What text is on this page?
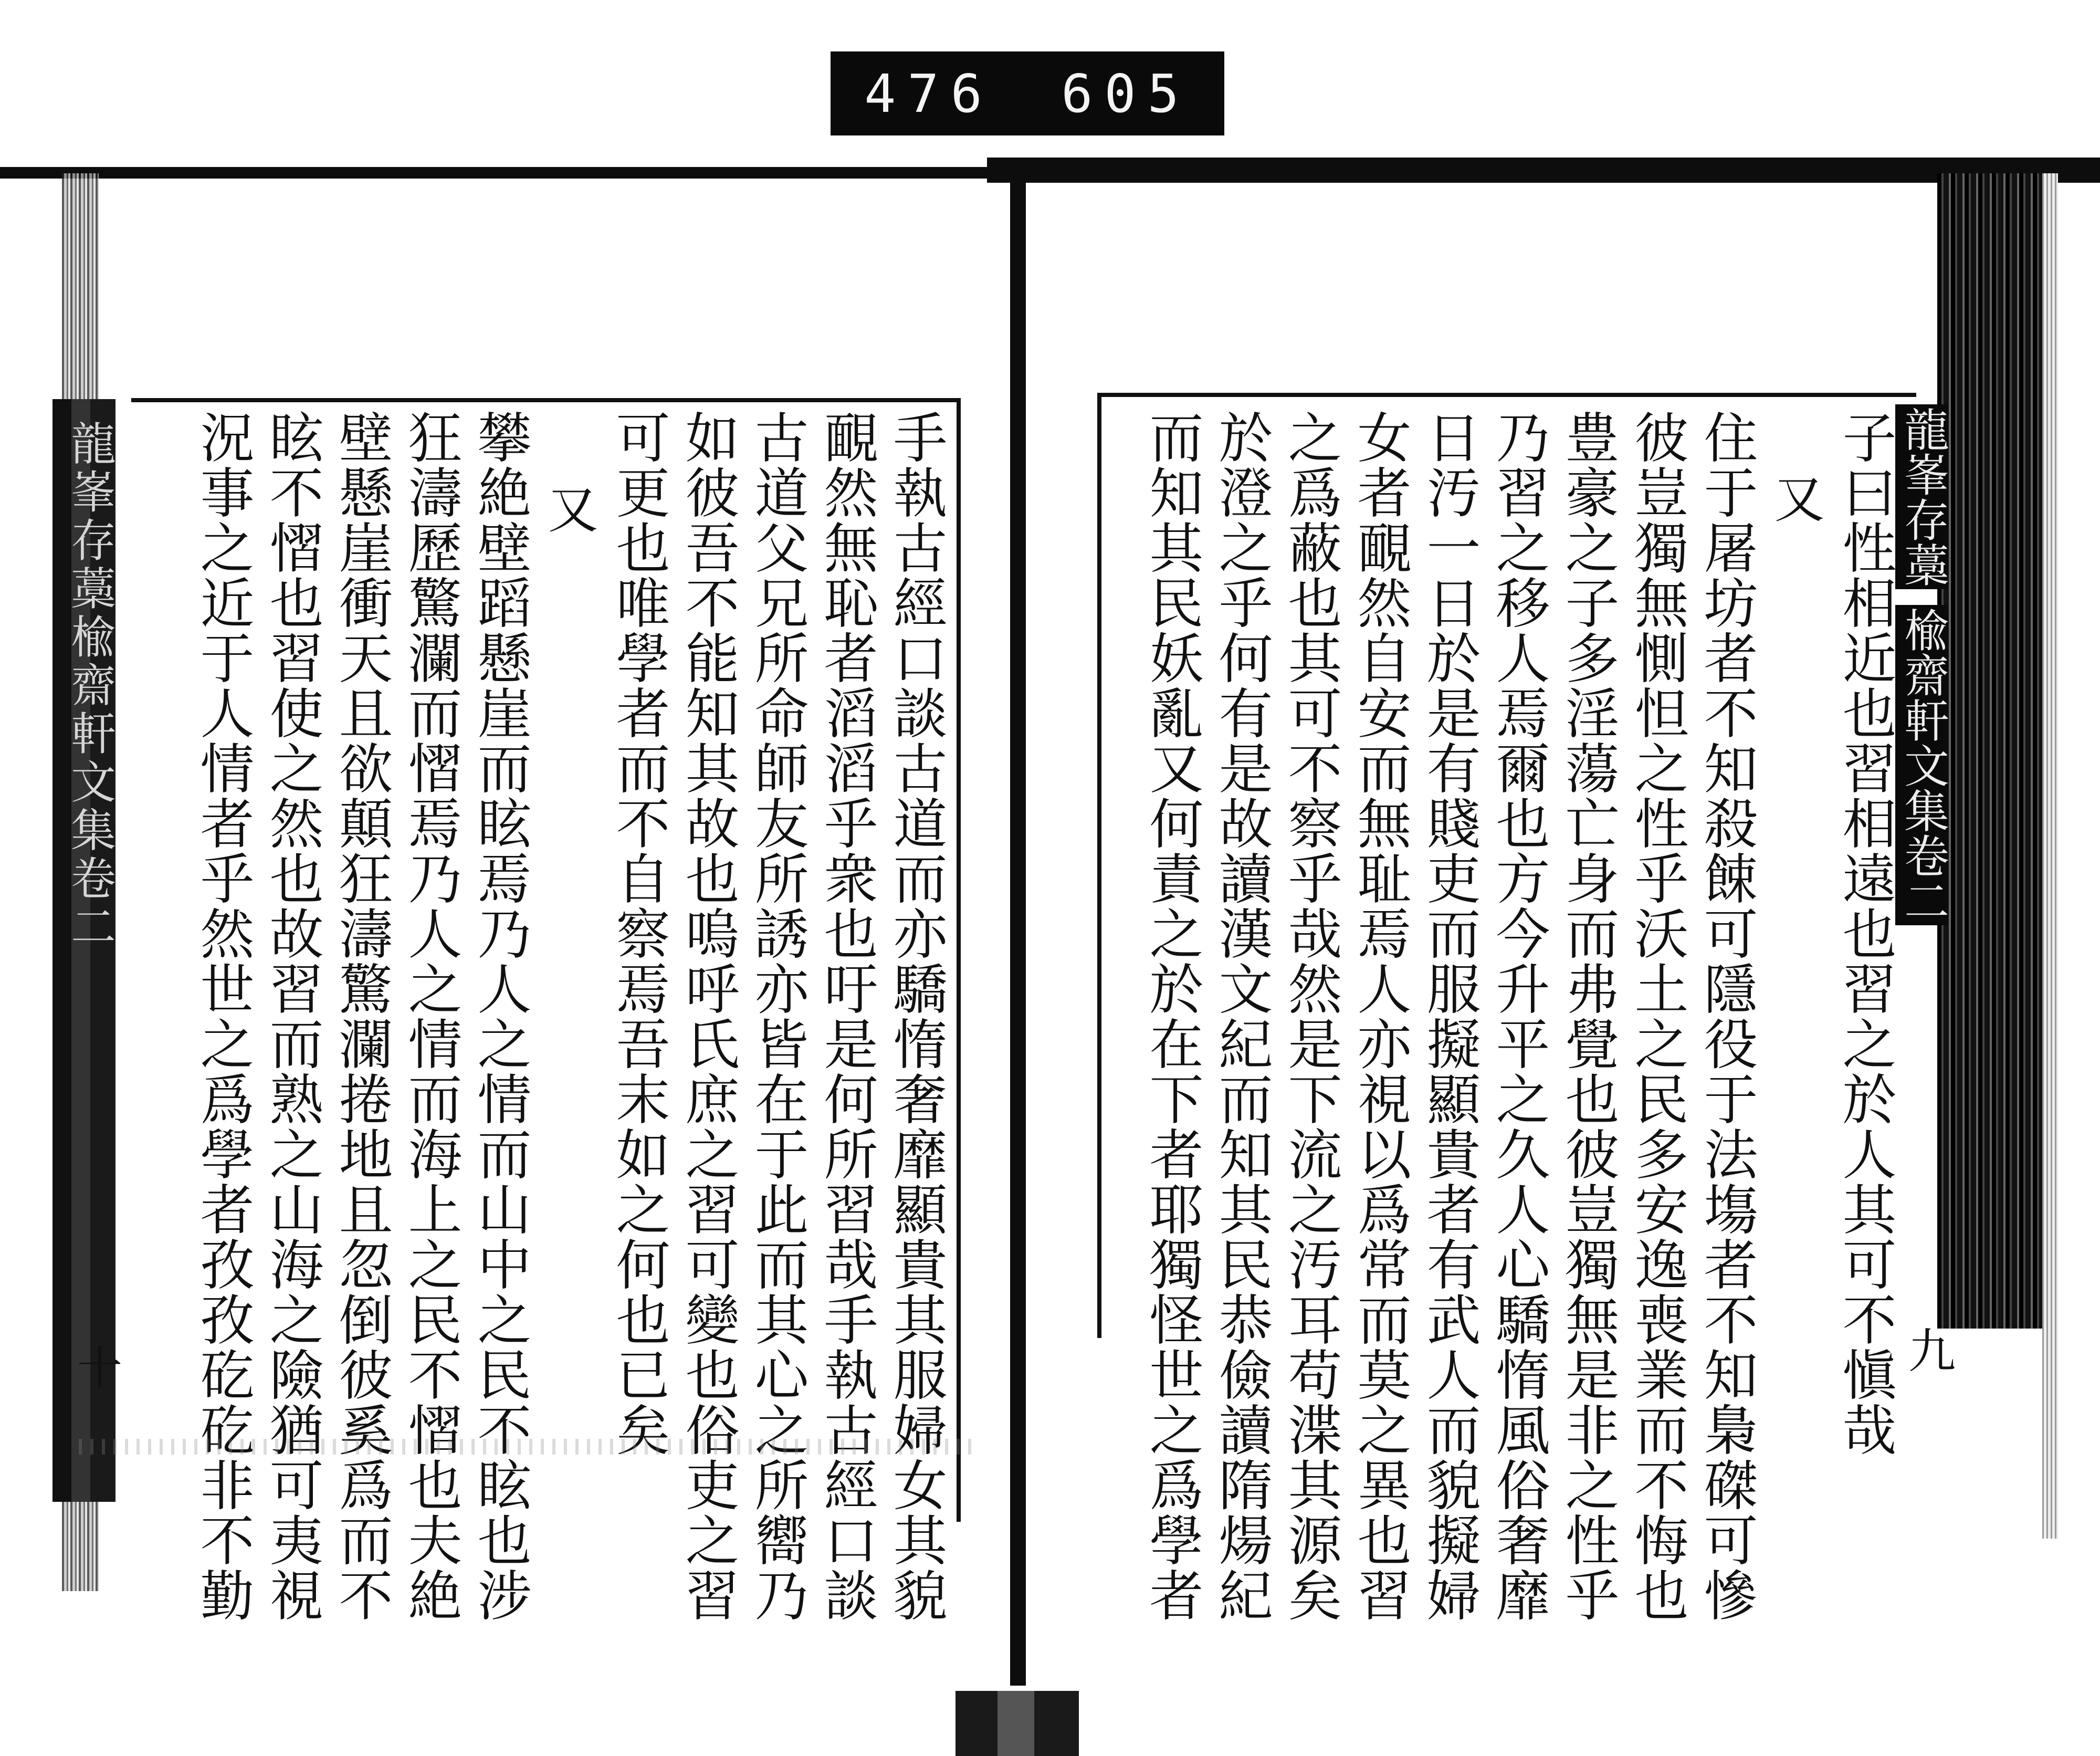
476 605
龍峯存藁楡齋軒文集卷二
十
龍峯存藁
楡齋軒文集卷二
九

子曰性相近也習相遠也習之於人其可不愼哉

又

住于屠坊者不知殺餗可隱役于法塲者不知梟磔可慘

彼豈獨無惻怛之性乎沃土之民多安逸喪業而不悔也

豊豪之子多淫蕩亡身而弗覺也彼豈獨無是非之性乎

乃習之移人焉爾也方今升平之久人心驕惰風俗奢靡

日汚一日於是有賤吏而服擬顯貴者有武人而貌擬婦

女者靦然自安而無耻焉人亦視以爲常而莫之異也習

之爲蔽也其可不察乎哉然是下流之汚耳苟渫其源矣

於澄之乎何有是故讀漢文紀而知其民恭儉讀隋煬紀

而知其民妖亂又何責之於在下者耶獨怪世之爲學者

手執古經口談古道而亦驕惰奢靡顯貴其服婦女其貌

靦然無恥者滔滔乎衆也吁是何所習哉手執古經口談

古道父兄所命師友所誘亦皆在于此而其心之所嚮乃

如彼吾不能知其故也嗚呼氏庶之習可變也俗吏之習

可更也唯學者而不自察焉吾末如之何也已矣

又

攀絶壁蹈懸崖而眩焉乃人之情而山中之民不眩也涉

狂濤歷驚瀾而慴焉乃人之情而海上之民不慴也夫絶

壁懸崖衝天且欲顛狂濤驚瀾捲地且忽倒彼奚爲而不

眩不慴也習使之然也故習而熟之山海之險猶可夷視

況事之近于人情者乎然世之爲學者孜孜矻矻非不勤
